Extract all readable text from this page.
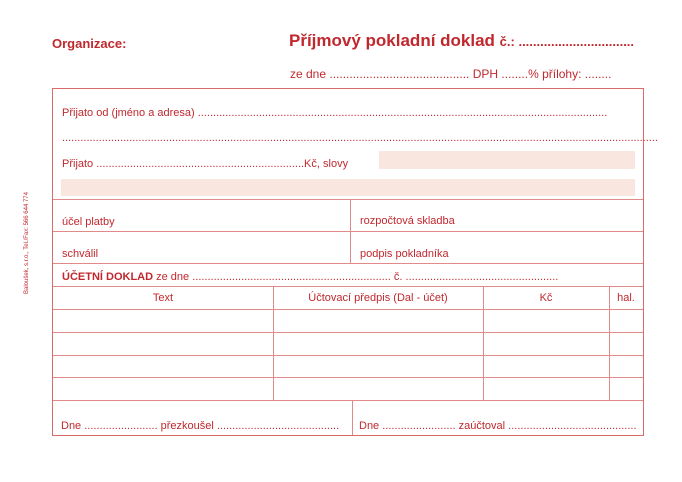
Organizace:	Příjmový pokladní doklad č.: ................................
ze dne .......................................... DPH ........% přílohy: ........
Baloušek, s.r.o., Tel./Fax: 566 644 774
Přijato od (jméno a adresa) ......................................................................................................................................
...................................................................................................................................................................................................
Přijato ....................................................................Kč, slovy
účel platby	rozpočtová skladba
schválil	podpis pokladníka
ÚČETNÍ DOKLAD ze dne ................................................................. č. ..................................................
Text	Účtovací předpis (Dal - účet)	Kč	hal.
Dne ........................ přezkoušel ........................................ Dne ........................ zaúčtoval ..........................................
